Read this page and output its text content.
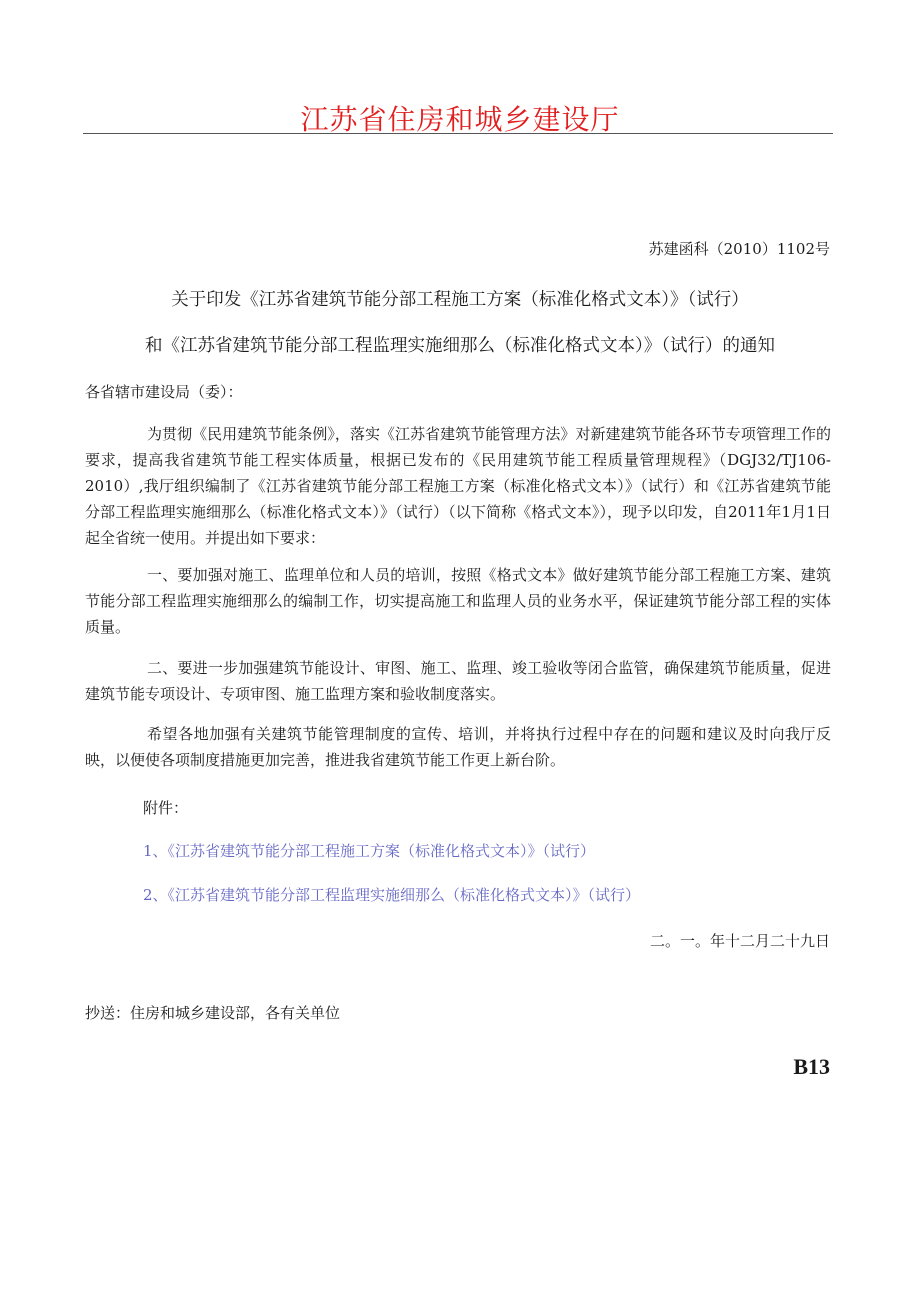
江苏省住房和城乡建设厅
苏建函科（2010）1102号
关于印发《江苏省建筑节能分部工程施工方案（标准化格式文本）》（试行）
和《江苏省建筑节能分部工程监理实施细那么（标准化格式文本）》（试行）的通知
各省辖市建设局（委）：

为贯彻《民用建筑节能条例》，落实《江苏省建筑节能管理方法》对新建建筑节能各环节专项管理工作的要求，提高我省建筑节能工程实体质量，根据已发布的《民用建筑节能工程质量管理规程》（DGJ32/TJ106-2010）,我厅组织编制了《江苏省建筑节能分部工程施工方案（标准化格式文本）》（试行）和《江苏省建筑节能分部工程监理实施细那么（标准化格式文本）》（试行）（以下简称《格式文本》），现予以印发，自2011年1月1日起全省统一使用。并提出如下要求：

一、要加强对施工、监理单位和人员的培训，按照《格式文本》做好建筑节能分部工程施工方案、建筑节能分部工程监理实施细那么的编制工作，切实提高施工和监理人员的业务水平，保证建筑节能分部工程的实体质量。

二、要进一步加强建筑节能设计、审图、施工、监理、竣工验收等闭合监管，确保建筑节能质量，促进建筑节能专项设计、专项审图、施工监理方案和验收制度落实。

希望各地加强有关建筑节能管理制度的宣传、培训，并将执行过程中存在的问题和建议及时向我厅反映，以便使各项制度措施更加完善，推进我省建筑节能工作更上新台阶。

附件：
1、《江苏省建筑节能分部工程施工方案（标准化格式文本）》（试行）
2、《江苏省建筑节能分部工程监理实施细那么（标准化格式文本）》（试行）
二。一。年十二月二十九日
抄送：住房和城乡建设部，各有关单位
B13
